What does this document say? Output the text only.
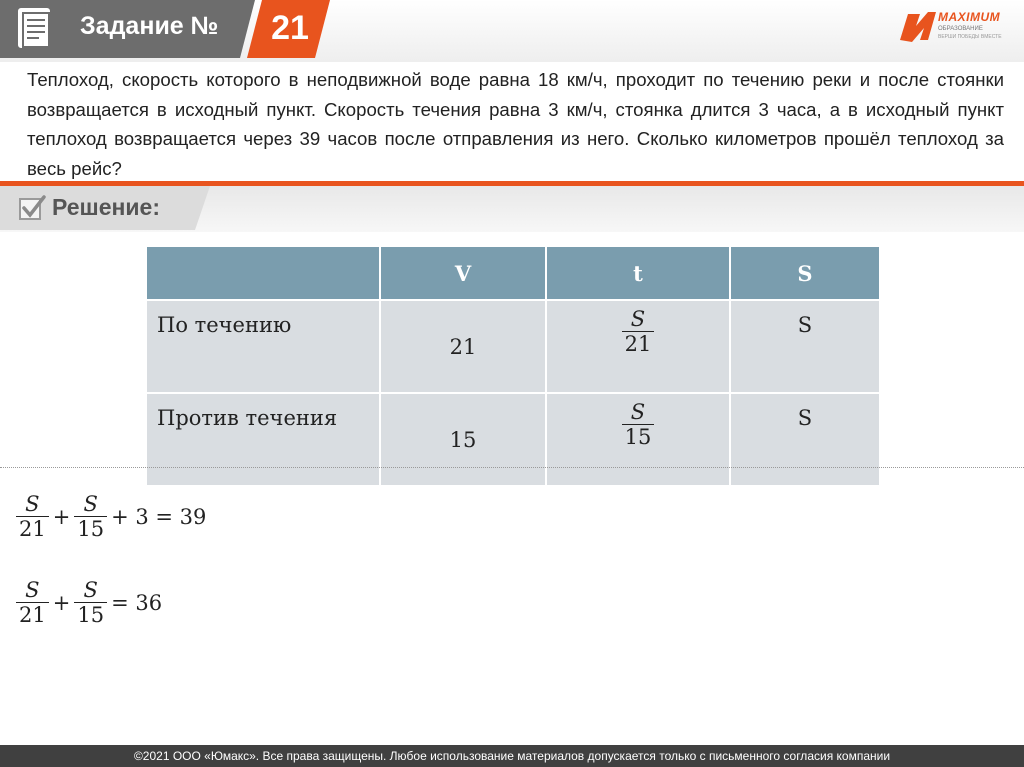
Задание №	21	MAXIMUM
ОБРАЗОВАНИЕ
ВЕРШИ ПОБЕДЫ ВМЕСТЕ
Теплоход, скорость которого в неподвижной воде равна 18 км/ч, проходит по течению реки и после стоянки возвращается в исходный пункт. Скорость течения равна 3 км/ч, стоянка длится 3 часа, а в исходный пункт теплоход возвращается через 39 часов после отправления из него. Сколько километров прошёл теплоход за весь рейс?
Решение:
	V	t	S
По течению	21	$\frac{S}{21}$	S
Против течения	15	$\frac{S}{15}$	S
$\frac{S}{21} + \frac{S}{15} + 3 = 39$
$\frac{S}{21} + \frac{S}{15} = 36$
©2021 ООО «Юмакс». Все права защищены. Любое использование материалов допускается только с письменного согласия компании
